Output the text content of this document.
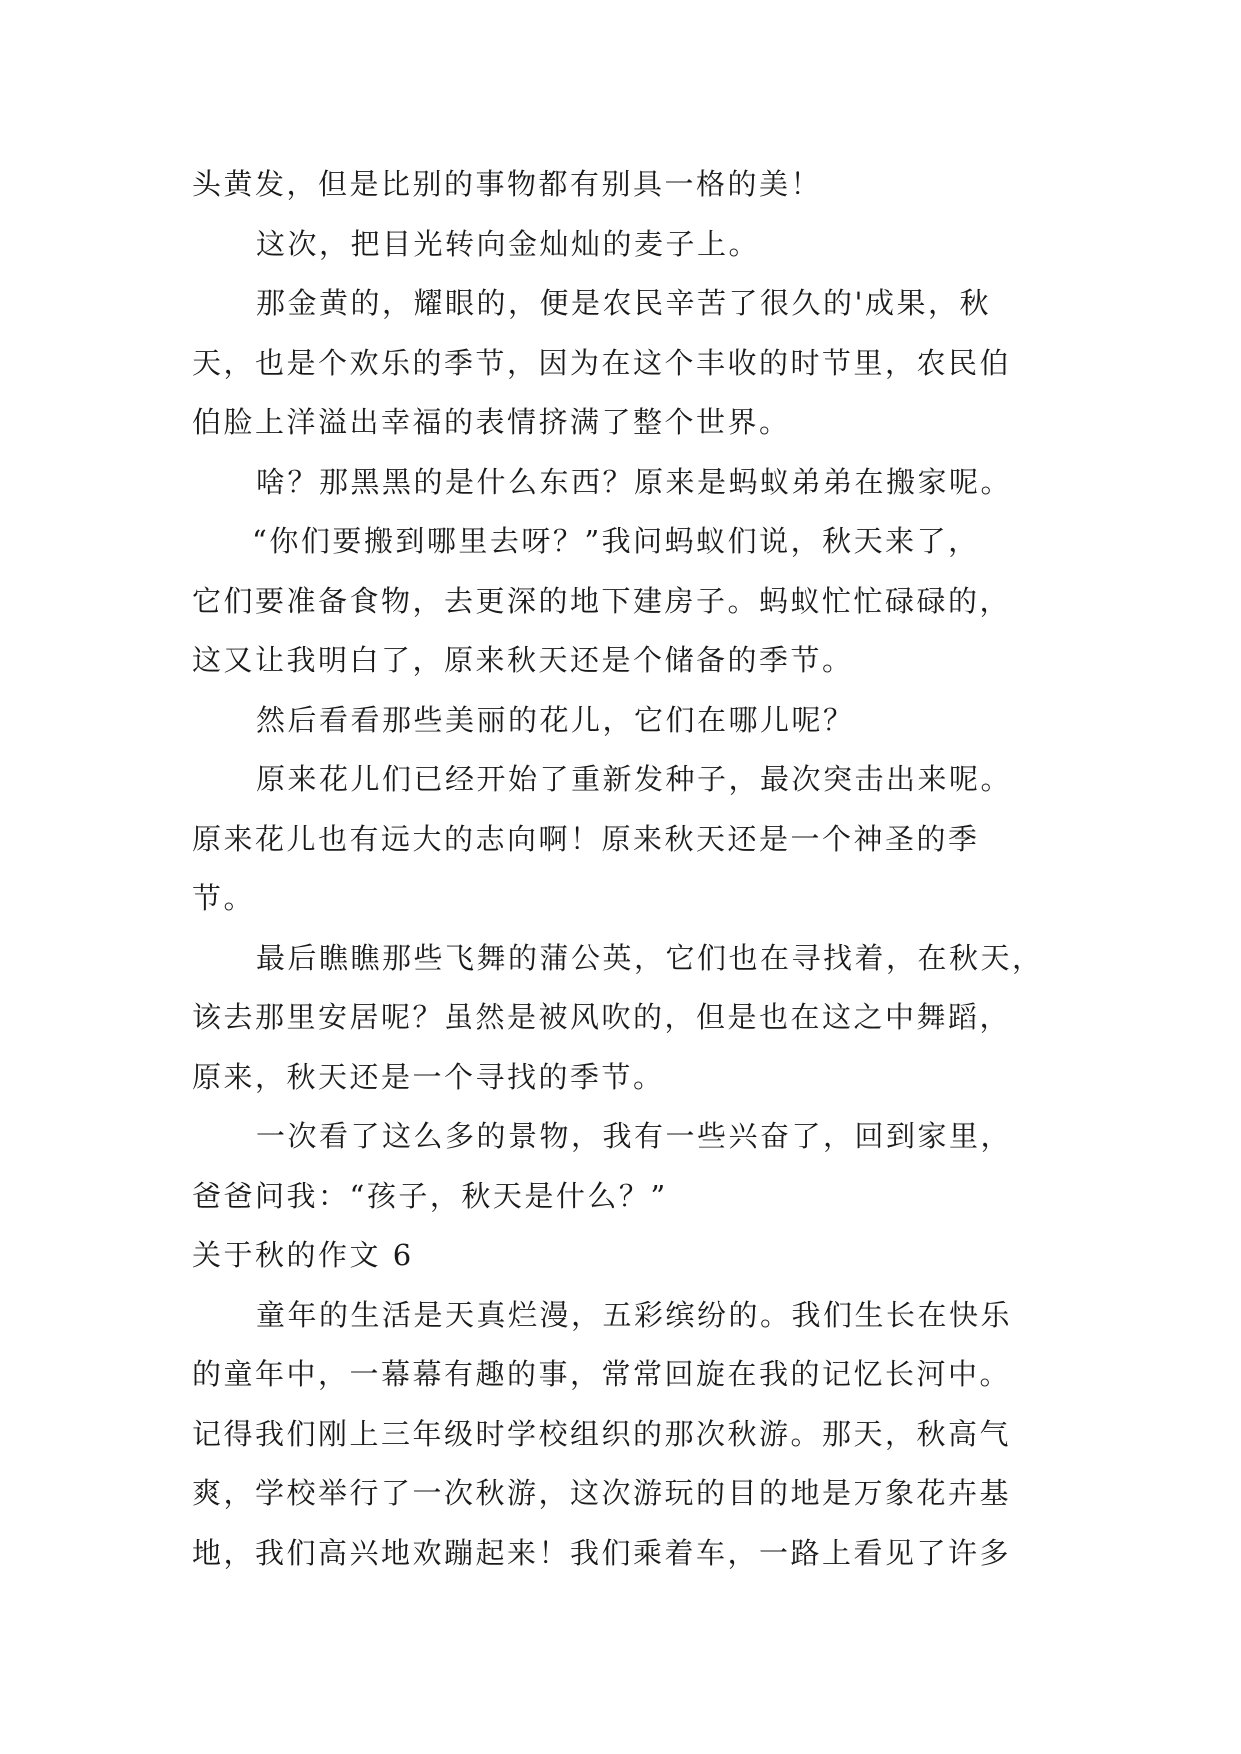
头黄发，但是比别的事物都有别具一格的美！
这次，把目光转向金灿灿的麦子上。
那金黄的，耀眼的，便是农民辛苦了很久的'成果，秋
天，也是个欢乐的季节，因为在这个丰收的时节里，农民伯
伯脸上洋溢出幸福的表情挤满了整个世界。
啥？那黑黑的是什么东西？原来是蚂蚁弟弟在搬家呢。
“你们要搬到哪里去呀？”我问蚂蚁们说，秋天来了，
它们要准备食物，去更深的地下建房子。蚂蚁忙忙碌碌的，
这又让我明白了，原来秋天还是个储备的季节。
然后看看那些美丽的花儿，它们在哪儿呢？
原来花儿们已经开始了重新发种子，最次突击出来呢。
原来花儿也有远大的志向啊！原来秋天还是一个神圣的季
节。
最后瞧瞧那些飞舞的蒲公英，它们也在寻找着，在秋天，
该去那里安居呢？虽然是被风吹的，但是也在这之中舞蹈，
原来，秋天还是一个寻找的季节。
一次看了这么多的景物，我有一些兴奋了，回到家里，
爸爸问我：“孩子，秋天是什么？”
关于秋的作文 6
童年的生活是天真烂漫，五彩缤纷的。我们生长在快乐
的童年中，一幕幕有趣的事，常常回旋在我的记忆长河中。
记得我们刚上三年级时学校组织的那次秋游。那天，秋高气
爽，学校举行了一次秋游，这次游玩的目的地是万象花卉基
地，我们高兴地欢蹦起来！我们乘着车，一路上看见了许多
